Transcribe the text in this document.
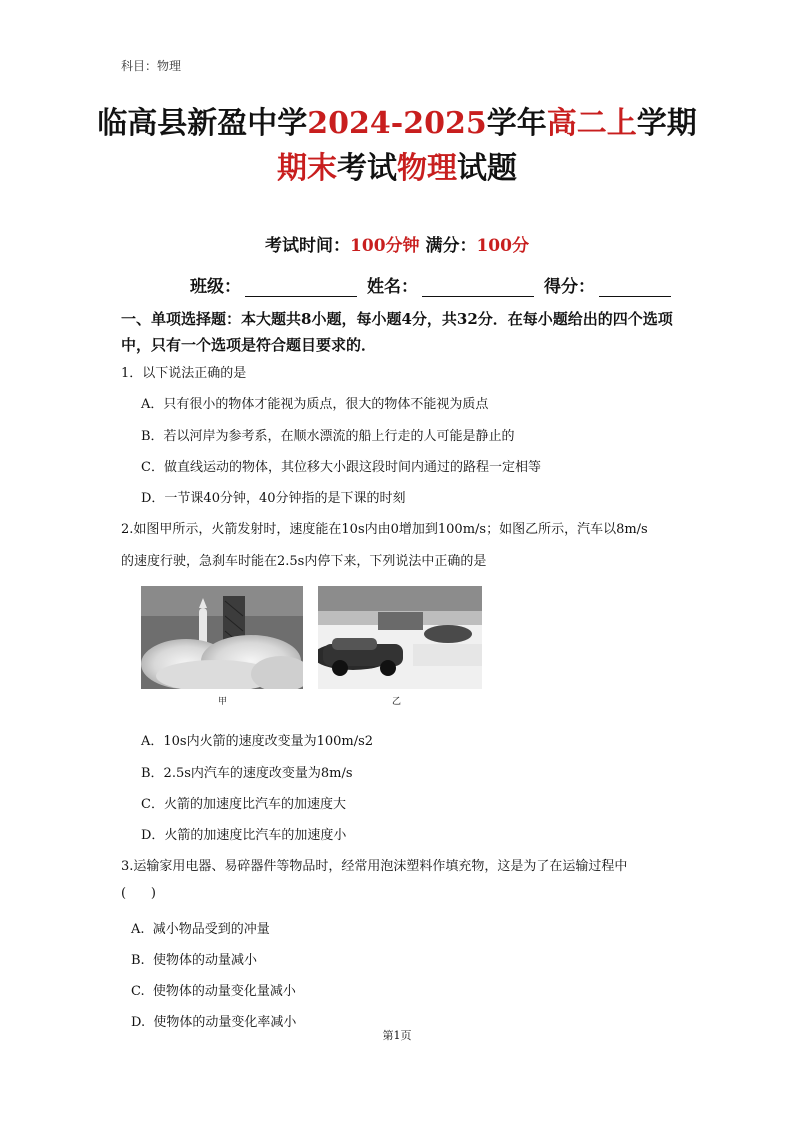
科目：物理
临高县新盈中学2024-2025学年高二上学期
期末考试物理试题
考试时间：100分钟 满分：100分
班级：	姓名：	得分：
一、单项选择题：本大题共8小题，每小题4分，共32分．在每小题给出的四个选项中，只有一个选项是符合题目要求的．
1．以下说法正确的是
A．只有很小的物体才能视为质点，很大的物体不能视为质点
B．若以河岸为参考系，在顺水漂流的船上行走的人可能是静止的
C．做直线运动的物体，其位移大小跟这段时间内通过的路程一定相等
D．一节课40分钟，40分钟指的是下课的时刻
2.如图甲所示，火箭发射时，速度能在10s内由0增加到100m/s；如图乙所示，汽车以8m/s
的速度行驶，急刹车时能在2.5s内停下来，下列说法中正确的是
甲	乙
A．10s内火箭的速度改变量为100m/s2
B．2.5s内汽车的速度改变量为8m/s
C．火箭的加速度比汽车的加速度大
D．火箭的加速度比汽车的加速度小
3.运输家用电器、易碎器件等物品时，经常用泡沫塑料作填充物，这是为了在运输过程中
(      )
A.  减小物品受到的冲量
B.  使物体的动量减小
C.  使物体的动量变化量减小
D.  使物体的动量变化率减小
第1页
